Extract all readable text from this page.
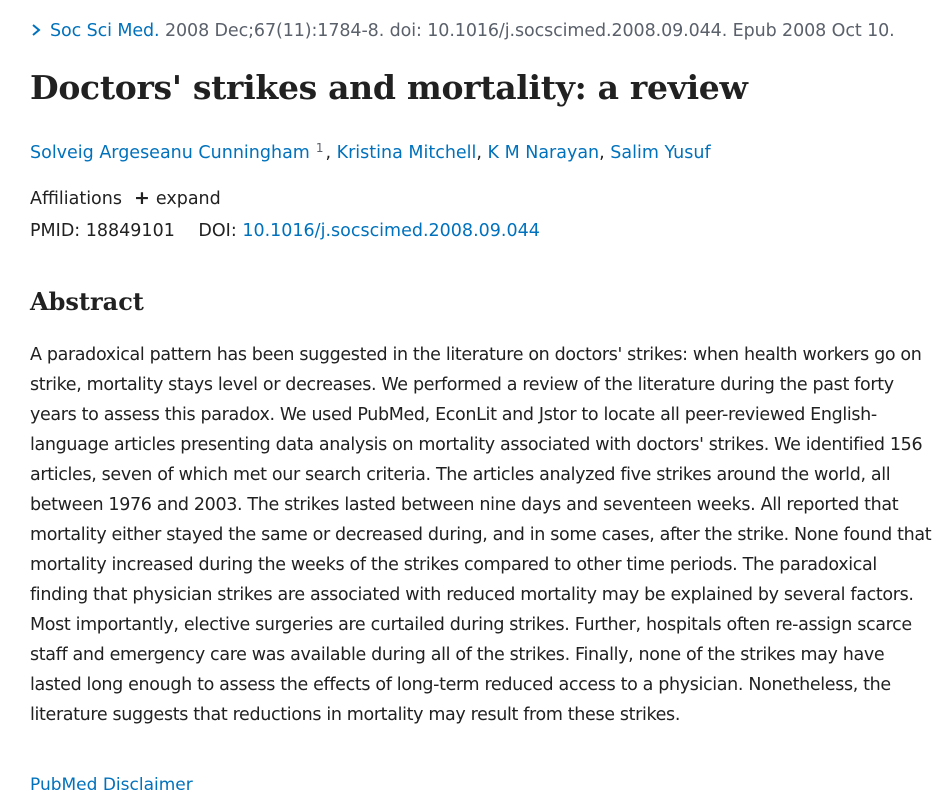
Soc Sci Med. 2008 Dec;67(11):1784-8. doi: 10.1016/j.socscimed.2008.09.044. Epub 2008 Oct 10.
Doctors' strikes and mortality: a review
Solveig Argeseanu Cunningham $^1$ , Kristina Mitchell, K M Narayan, Salim Yusuf
Affiliations + expand
PMID: 18849101 DOI: 10.1016/j.socscimed.2008.09.044
Abstract

A paradoxical pattern has been suggested in the literature on doctors' strikes: when health workers go on strike, mortality stays level or decreases. We performed a review of the literature during the past forty years to assess this paradox. We used PubMed, EconLit and Jstor to locate all peer-reviewed English-language articles presenting data analysis on mortality associated with doctors' strikes. We identified 156 articles, seven of which met our search criteria. The articles analyzed five strikes around the world, all between 1976 and 2003. The strikes lasted between nine days and seventeen weeks. All reported that mortality either stayed the same or decreased during, and in some cases, after the strike. None found that mortality increased during the weeks of the strikes compared to other time periods. The paradoxical finding that physician strikes are associated with reduced mortality may be explained by several factors. Most importantly, elective surgeries are curtailed during strikes. Further, hospitals often re-assign scarce staff and emergency care was available during all of the strikes. Finally, none of the strikes may have lasted long enough to assess the effects of long-term reduced access to a physician. Nonetheless, the literature suggests that reductions in mortality may result from these strikes.

PubMed Disclaimer
